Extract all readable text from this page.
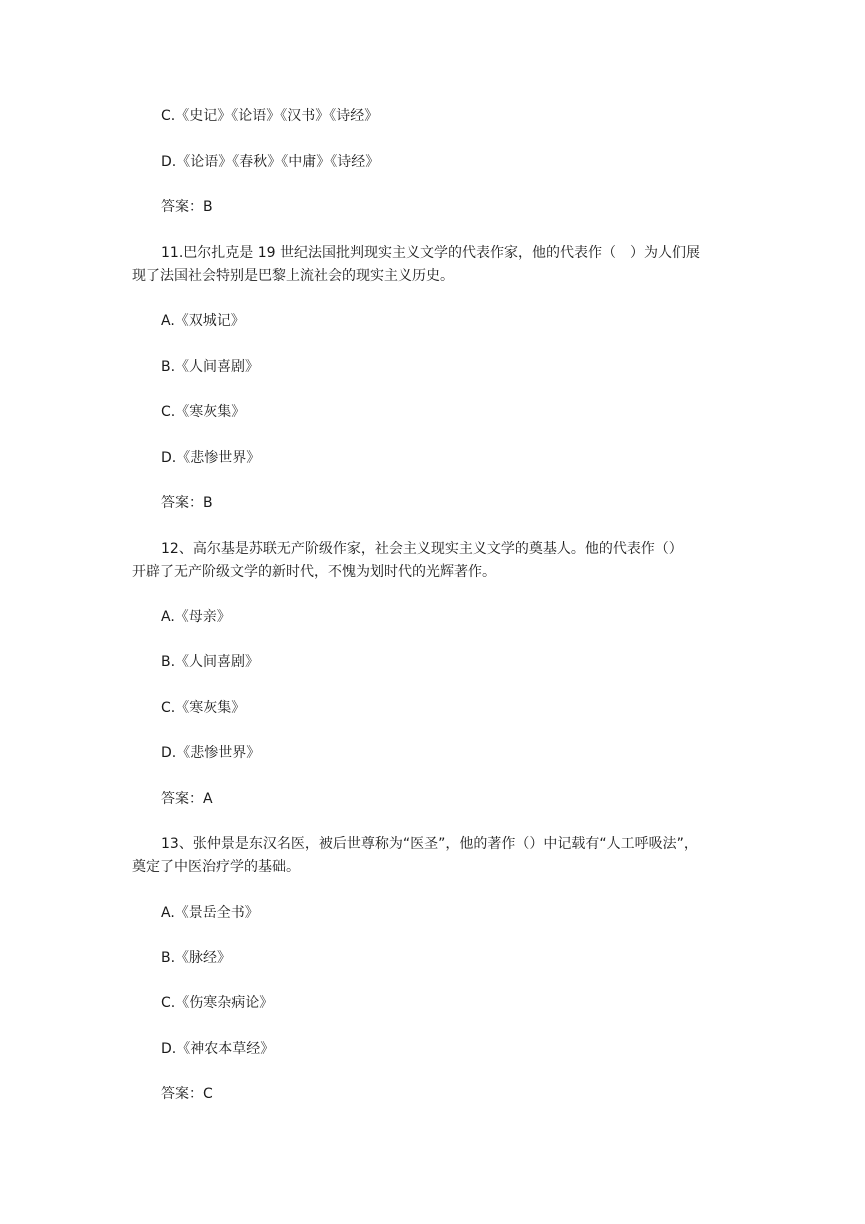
C.《史记》《论语》《汉书》《诗经》
D.《论语》《春秋》《中庸》《诗经》
答案：B
11.巴尔扎克是 19 世纪法国批判现实主义文学的代表作家，他的代表作（　）为人们展
现了法国社会特别是巴黎上流社会的现实主义历史。
A.《双城记》
B.《人间喜剧》
C.《寒灰集》
D.《悲惨世界》
答案：B
12、高尔基是苏联无产阶级作家，社会主义现实主义文学的奠基人。他的代表作（）
开辟了无产阶级文学的新时代，不愧为划时代的光辉著作。
A.《母亲》
B.《人间喜剧》
C.《寒灰集》
D.《悲惨世界》
答案：A
13、张仲景是东汉名医，被后世尊称为“医圣”，他的著作（）中记载有“人工呼吸法”，
奠定了中医治疗学的基础。
A.《景岳全书》
B.《脉经》
C.《伤寒杂病论》
D.《神农本草经》
答案：C
